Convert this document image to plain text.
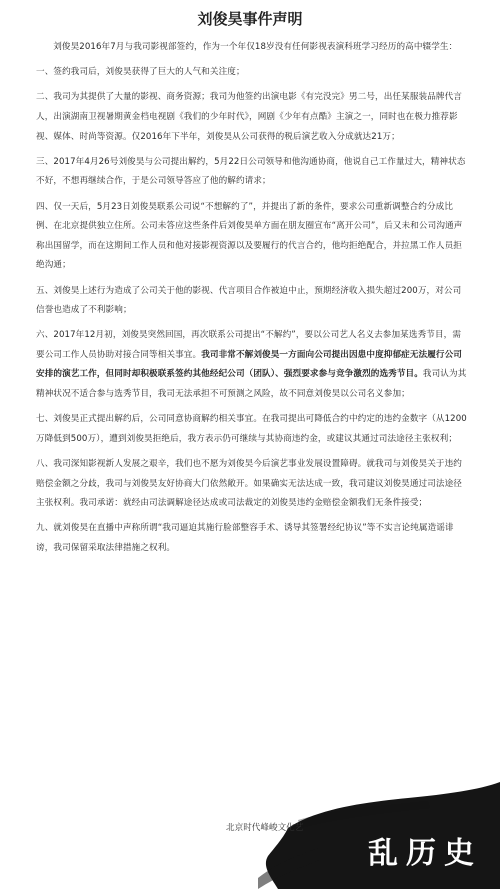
刘俊昊事件声明

刘俊昊2016年7月与我司影视部签约，作为一个年仅18岁没有任何影视表演科班学习经历的高中辍学生：

一、签约我司后，刘俊昊获得了巨大的人气和关注度；

二、我司为其提供了大量的影视、商务资源；我司为他签约出演电影《有完没完》男二号，出任某服装品牌代言人，出演湖南卫视暑期黄金档电视剧《我们的少年时代》，网剧《少年有点酷》主演之一，同时也在极力推荐影视、媒体、时尚等资源。仅2016年下半年，刘俊昊从公司获得的税后演艺收入分成就达21万；

三、2017年4月26号刘俊昊与公司提出解约，5月22日公司领导和他沟通协商，他说自己工作量过大，精神状态不好，不想再继续合作，于是公司领导答应了他的解约请求；

四、仅一天后，5月23日刘俊昊联系公司说“不想解约了”，并提出了新的条件，要求公司重新调整合约分成比例、在北京提供独立住所。公司未答应这些条件后刘俊昊单方面在朋友圈宣布“离开公司”，后又未和公司沟通声称出国留学，而在这期间工作人员和他对接影视资源以及要履行的代言合约，他均拒绝配合，并拉黑工作人员拒绝沟通；

五、刘俊昊上述行为造成了公司关于他的影视、代言项目合作被迫中止，预期经济收入损失超过200万，对公司信誉也造成了不利影响；

六、2017年12月初，刘俊昊突然回国，再次联系公司提出“不解约”，要以公司艺人名义去参加某选秀节目，需要公司工作人员协助对接合同等相关事宜。我司非常不解刘俊昊一方面向公司提出因患中度抑郁症无法履行公司安排的演艺工作，但同时却积极联系签约其他经纪公司（团队）、强烈要求参与竞争激烈的选秀节目。我司认为其精神状况不适合参与选秀节目，我司无法承担不可预测之风险，故不同意刘俊昊以公司名义参加；

七、刘俊昊正式提出解约后，公司同意协商解约相关事宜。在我司提出可降低合约中约定的违约金数字（从1200万降低到500万），遭到刘俊昊拒绝后，我方表示仍可继续与其协商违约金，或建议其通过司法途径主张权利；

八、我司深知影视新人发展之艰辛，我们也不愿为刘俊昊今后演艺事业发展设置障碍。就我司与刘俊昊关于违约赔偿金额之分歧，我司与刘俊昊友好协商大门依然敞开。如果确实无法达成一致，我司建议刘俊昊通过司法途径主张权利。我司承诺：就经由司法调解途径达成或司法裁定的刘俊昊违约金赔偿金额我们无条件接受；

九、就刘俊昊在直播中声称所谓“我司逼迫其施行脸部整容手术、诱导其签署经纪协议”等不实言论纯属造谣诽谤，我司保留采取法律措施之权利。

北京时代峰峻文化艺
乱历史
